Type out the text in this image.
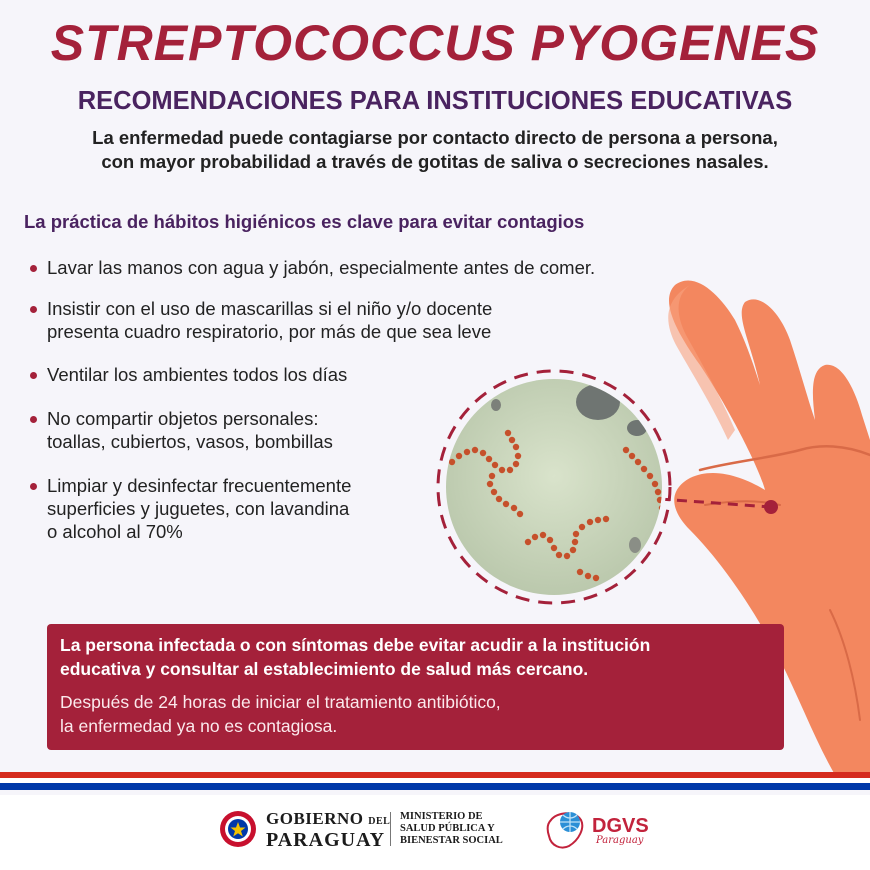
STREPTOCOCCUS PYOGENES
RECOMENDACIONES PARA INSTITUCIONES EDUCATIVAS
La enfermedad puede contagiarse por contacto directo de persona a persona,
con mayor probabilidad a través de gotitas de saliva o secreciones nasales.
La práctica de hábitos higiénicos es clave para evitar contagios
Lavar las manos con agua y jabón, especialmente antes de comer.
Insistir con el uso de mascarillas si el niño y/o docente
presenta cuadro respiratorio, por más de que sea leve
Ventilar los ambientes todos los días
No compartir objetos personales:
toallas, cubiertos, vasos, bombillas
Limpiar y desinfectar frecuentemente
superficies y juguetes, con lavandina
o alcohol al 70%
La persona infectada o con síntomas debe evitar acudir a la institución
educativa y consultar al establecimiento de salud más cercano.
Después de 24 horas de iniciar el tratamiento antibiótico,
la enfermedad ya no es contagiosa.
GOBIERNO DEL
PARAGUAY
MINISTERIO DE
SALUD PÚBLICA Y
BIENESTAR SOCIAL
DGVS
Paraguay
